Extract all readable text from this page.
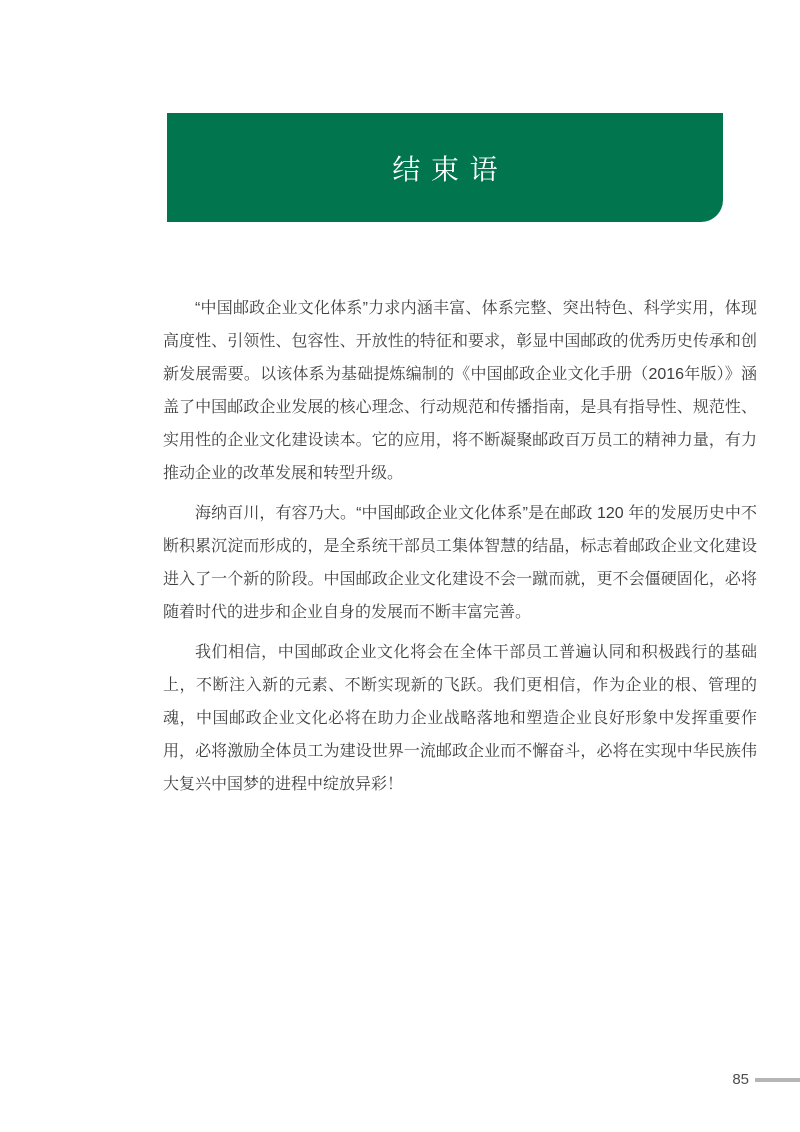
结束语

“中国邮政企业文化体系”力求内涵丰富、体系完整、突出特色、科学实用，体现高度性、引领性、包容性、开放性的特征和要求，彰显中国邮政的优秀历史传承和创新发展需要。以该体系为基础提炼编制的《中国邮政企业文化手册（2016年版）》涵盖了中国邮政企业发展的核心理念、行动规范和传播指南，是具有指导性、规范性、实用性的企业文化建设读本。它的应用，将不断凝聚邮政百万员工的精神力量，有力推动企业的改革发展和转型升级。

海纳百川，有容乃大。“中国邮政企业文化体系”是在邮政 120 年的发展历史中不断积累沉淀而形成的，是全系统干部员工集体智慧的结晶，标志着邮政企业文化建设进入了一个新的阶段。中国邮政企业文化建设不会一蹴而就，更不会僵硬固化，必将随着时代的进步和企业自身的发展而不断丰富完善。

我们相信，中国邮政企业文化将会在全体干部员工普遍认同和积极践行的基础上，不断注入新的元素、不断实现新的飞跃。我们更相信，作为企业的根、管理的魂，中国邮政企业文化必将在助力企业战略落地和塑造企业良好形象中发挥重要作用，必将激励全体员工为建设世界一流邮政企业而不懈奋斗，必将在实现中华民族伟大复兴中国梦的进程中绽放异彩！

85
